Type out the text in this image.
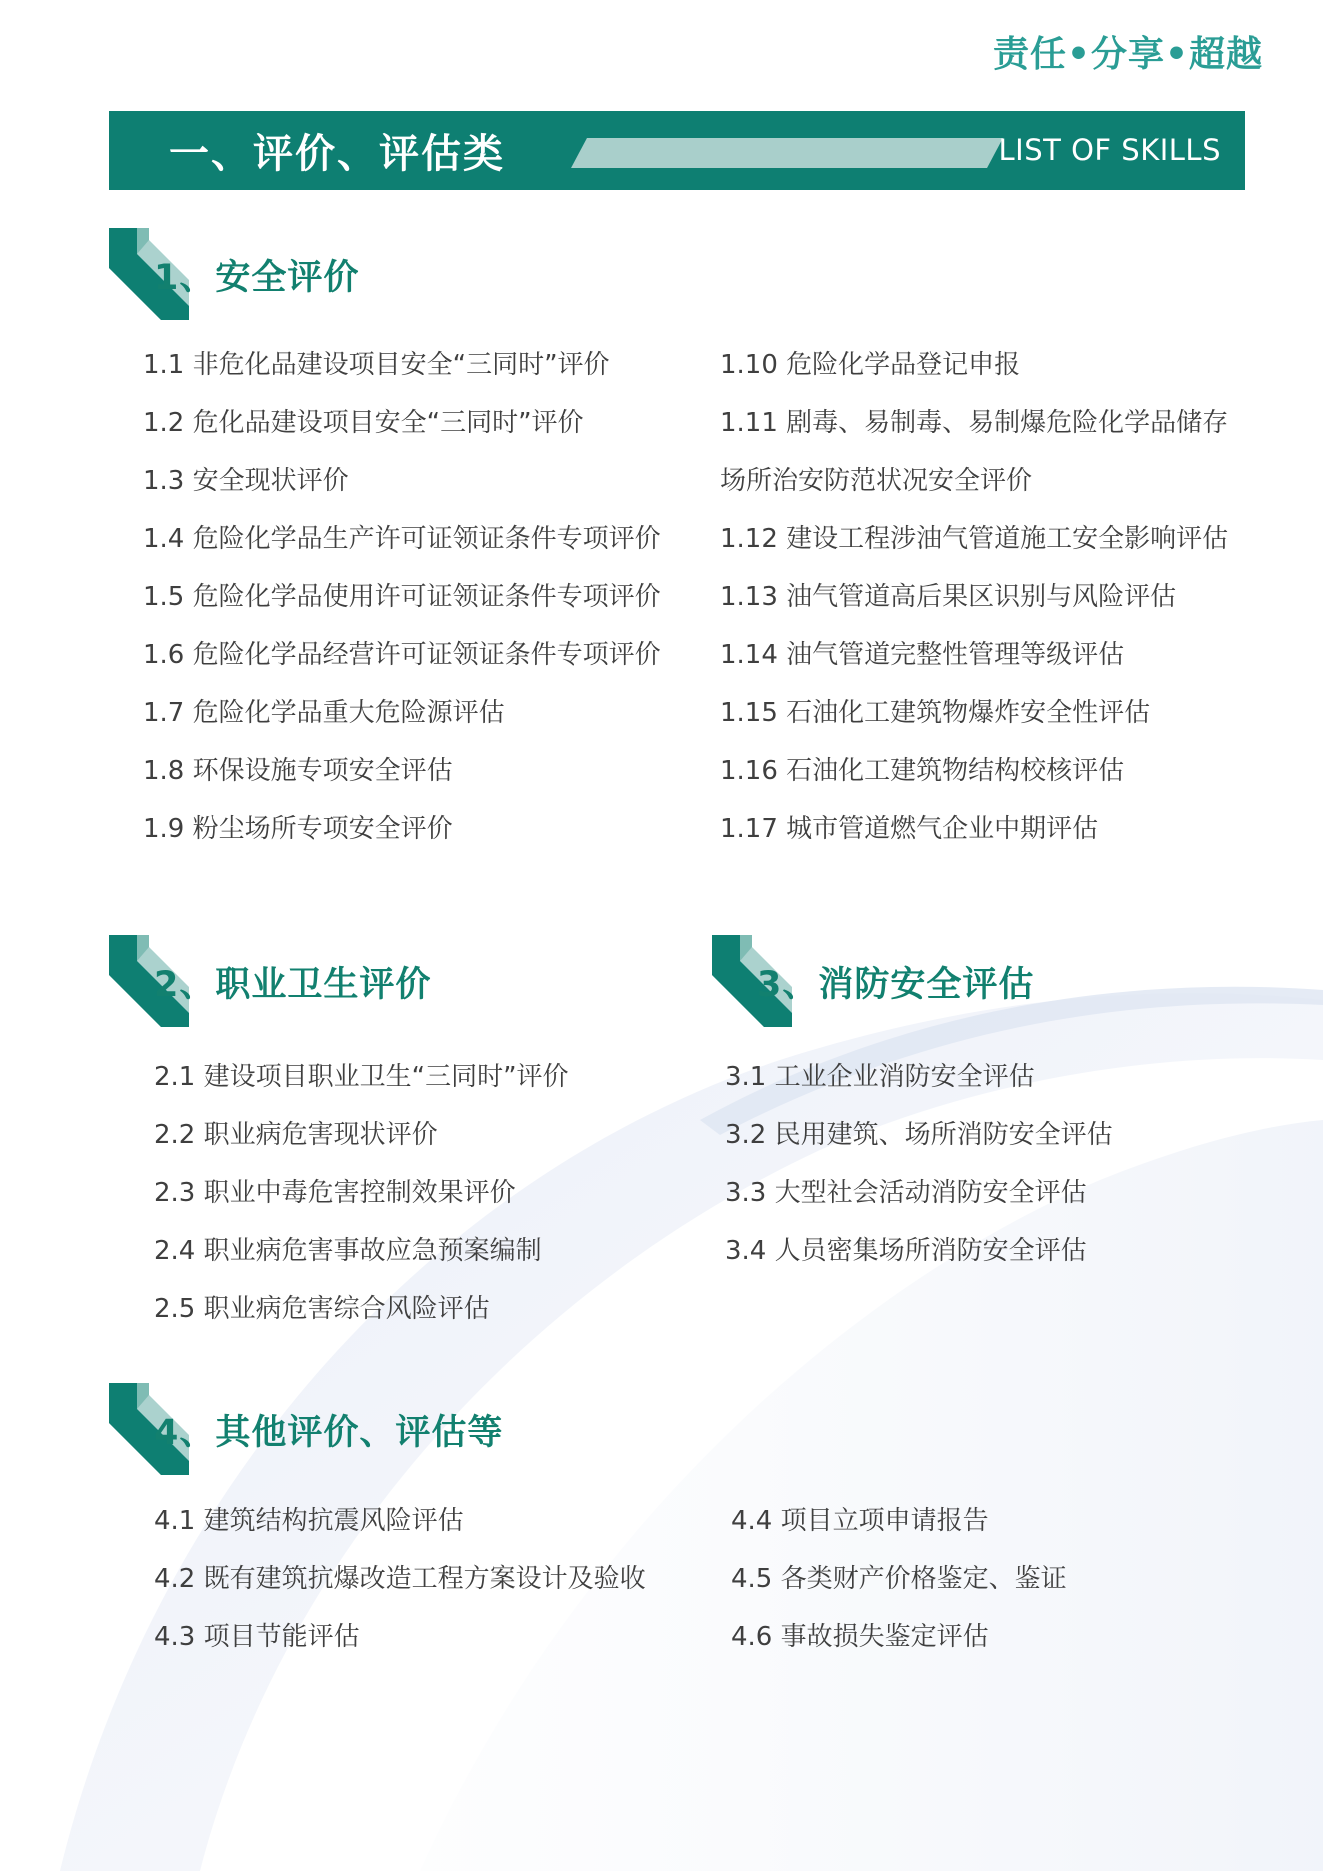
责任•分享•超越
一、评价、评估类	LIST OF SKILLS
1、安全评价
1.1 非危化品建设项目安全“三同时”评价
1.2 危化品建设项目安全“三同时”评价
1.3 安全现状评价
1.4 危险化学品生产许可证领证条件专项评价
1.5 危险化学品使用许可证领证条件专项评价
1.6 危险化学品经营许可证领证条件专项评价
1.7 危险化学品重大危险源评估
1.8 环保设施专项安全评估
1.9 粉尘场所专项安全评价
1.10 危险化学品登记申报
1.11 剧毒、易制毒、易制爆危险化学品储存
场所治安防范状况安全评价
1.12 建设工程涉油气管道施工安全影响评估
1.13 油气管道高后果区识别与风险评估
1.14 油气管道完整性管理等级评估
1.15 石油化工建筑物爆炸安全性评估
1.16 石油化工建筑物结构校核评估
1.17 城市管道燃气企业中期评估
2、职业卫生评价
2.1 建设项目职业卫生“三同时”评价
2.2 职业病危害现状评价
2.3 职业中毒危害控制效果评价
2.4 职业病危害事故应急预案编制
2.5 职业病危害综合风险评估
3、消防安全评估
3.1 工业企业消防安全评估
3.2 民用建筑、场所消防安全评估
3.3 大型社会活动消防安全评估
3.4 人员密集场所消防安全评估
4、其他评价、评估等
4.1 建筑结构抗震风险评估
4.2 既有建筑抗爆改造工程方案设计及验收
4.3 项目节能评估
4.4 项目立项申请报告
4.5 各类财产价格鉴定、鉴证
4.6 事故损失鉴定评估
